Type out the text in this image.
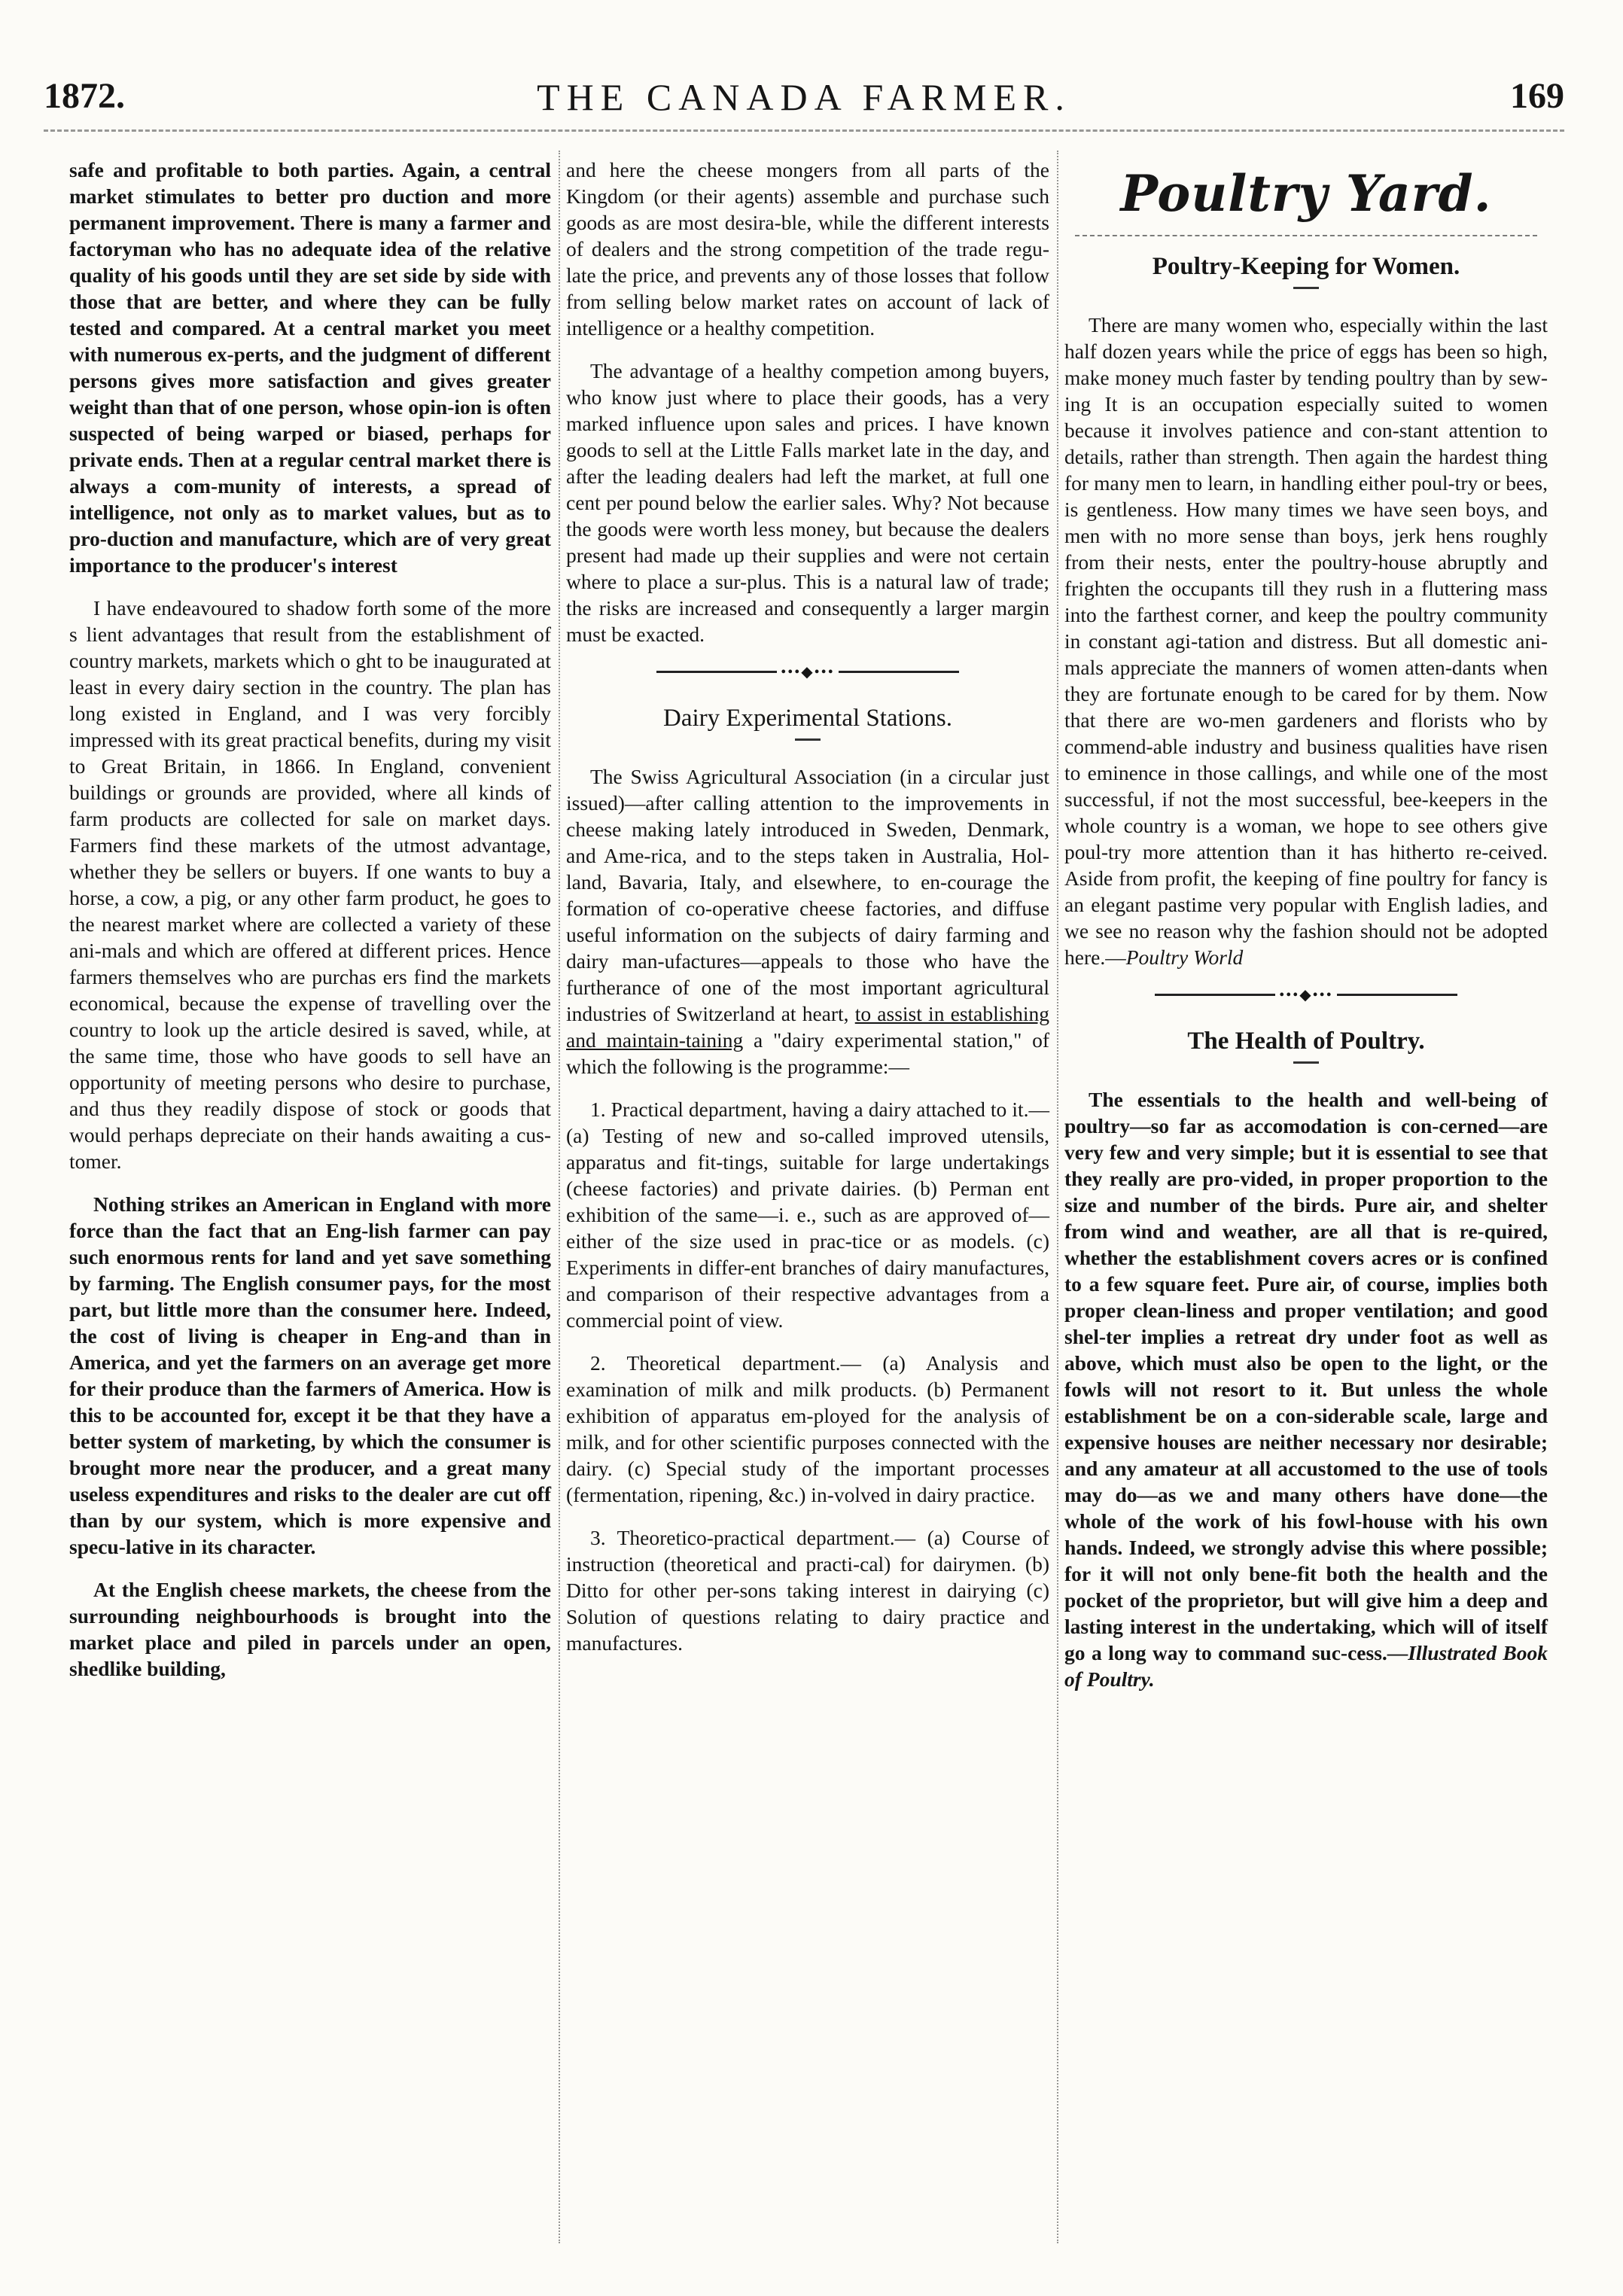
1872.	THE CANADA FARMER.	169

safe and profitable to both parties. Again, a central market stimulates to better pro duction and more permanent improvement. There is many a farmer and factoryman who has no adequate idea of the relative quality of his goods until they are set side by side with those that are better, and where they can be fully tested and compared. At a central market you meet with numerous ex-perts, and the judgment of different persons gives more satisfaction and gives greater weight than that of one person, whose opin-ion is often suspected of being warped or biased, perhaps for private ends. Then at a regular central market there is always a com-munity of interests, a spread of intelligence, not only as to market values, but as to pro-duction and manufacture, which are of very great importance to the producer's interest

I have endeavoured to shadow forth some of the more s lient advantages that result from the establishment of country markets, markets which o ght to be inaugurated at least in every dairy section in the country. The plan has long existed in England, and I was very forcibly impressed with its great practical benefits, during my visit to Great Britain, in 1866. In England, convenient buildings or grounds are provided, where all kinds of farm products are collected for sale on market days. Farmers find these markets of the utmost advantage, whether they be sellers or buyers. If one wants to buy a horse, a cow, a pig, or any other farm product, he goes to the nearest market where are collected a variety of these ani-mals and which are offered at different prices. Hence farmers themselves who are purchas ers find the markets economical, because the expense of travelling over the country to look up the article desired is saved, while, at the same time, those who have goods to sell have an opportunity of meeting persons who desire to purchase, and thus they readily dispose of stock or goods that would perhaps depreciate on their hands awaiting a cus-tomer.

Nothing strikes an American in England with more force than the fact that an Eng-lish farmer can pay such enormous rents for land and yet save something by farming. The English consumer pays, for the most part, but little more than the consumer here. Indeed, the cost of living is cheaper in Eng-and than in America, and yet the farmers on an average get more for their produce than the farmers of America. How is this to be accounted for, except it be that they have a better system of marketing, by which the consumer is brought more near the producer, and a great many useless expenditures and risks to the dealer are cut off than by our system, which is more expensive and specu-lative in its character.

At the English cheese markets, the cheese from the surrounding neighbourhoods is brought into the market place and piled in parcels under an open, shedlike building,

and here the cheese mongers from all parts of the Kingdom (or their agents) assemble and purchase such goods as are most desira-ble, while the different interests of dealers and the strong competition of the trade regu-late the price, and prevents any of those losses that follow from selling below market rates on account of lack of intelligence or a healthy competition.

The advantage of a healthy competion among buyers, who know just where to place their goods, has a very marked influence upon sales and prices. I have known goods to sell at the Little Falls market late in the day, and after the leading dealers had left the market, at full one cent per pound below the earlier sales. Why? Not because the goods were worth less money, but because the dealers present had made up their supplies and were not certain where to place a sur-plus. This is a natural law of trade; the risks are increased and consequently a larger margin must be exacted.

•••◆•••
Dairy Experimental Stations.

The Swiss Agricultural Association (in a circular just issued)—after calling attention to the improvements in cheese making lately introduced in Sweden, Denmark, and Ame-rica, and to the steps taken in Australia, Hol-land, Bavaria, Italy, and elsewhere, to en-courage the formation of co-operative cheese factories, and diffuse useful information on the subjects of dairy farming and dairy man-ufactures—appeals to those who have the furtherance of one of the most important agricultural industries of Switzerland at heart, to assist in establishing and maintain-taining a "dairy experimental station," of which the following is the programme:—

1. Practical department, having a dairy attached to it.— (a) Testing of new and so-called improved utensils, apparatus and fit-tings, suitable for large undertakings (cheese factories) and private dairies. (b) Perman ent exhibition of the same—i. e., such as are approved of—either of the size used in prac-tice or as models. (c) Experiments in differ-ent branches of dairy manufactures, and comparison of their respective advantages from a commercial point of view.

2. Theoretical department.— (a) Analysis and examination of milk and milk products. (b) Permanent exhibition of apparatus em-ployed for the analysis of milk, and for other scientific purposes connected with the dairy. (c) Special study of the important processes (fermentation, ripening, &c.) in-volved in dairy practice.

3. Theoretico-practical department.— (a) Course of instruction (theoretical and practi-cal) for dairymen. (b) Ditto for other per-sons taking interest in dairying (c) Solution of questions relating to dairy practice and manufactures.

Poultry Yard.
Poultry-Keeping for Women.

There are many women who, especially within the last half dozen years while the price of eggs has been so high, make money much faster by tending poultry than by sew-ing It is an occupation especially suited to women because it involves patience and con-stant attention to details, rather than strength. Then again the hardest thing for many men to learn, in handling either poul-try or bees, is gentleness. How many times we have seen boys, and men with no more sense than boys, jerk hens roughly from their nests, enter the poultry-house abruptly and frighten the occupants till they rush in a fluttering mass into the farthest corner, and keep the poultry community in constant agi-tation and distress. But all domestic ani-mals appreciate the manners of women atten-dants when they are fortunate enough to be cared for by them. Now that there are wo-men gardeners and florists who by commend-able industry and business qualities have risen to eminence in those callings, and while one of the most successful, if not the most successful, bee-keepers in the whole country is a woman, we hope to see others give poul-try more attention than it has hitherto re-ceived. Aside from profit, the keeping of fine poultry for fancy is an elegant pastime very popular with English ladies, and we see no reason why the fashion should not be adopted here.—Poultry World

•••◆•••
The Health of Poultry.

The essentials to the health and well-being of poultry—so far as accomodation is con-cerned—are very few and very simple; but it is essential to see that they really are pro-vided, in proper proportion to the size and number of the birds. Pure air, and shelter from wind and weather, are all that is re-quired, whether the establishment covers acres or is confined to a few square feet. Pure air, of course, implies both proper clean-liness and proper ventilation; and good shel-ter implies a retreat dry under foot as well as above, which must also be open to the light, or the fowls will not resort to it. But unless the whole establishment be on a con-siderable scale, large and expensive houses are neither necessary nor desirable; and any amateur at all accustomed to the use of tools may do—as we and many others have done—the whole of the work of his fowl-house with his own hands. Indeed, we strongly advise this where possible; for it will not only bene-fit both the health and the pocket of the proprietor, but will give him a deep and lasting interest in the undertaking, which will of itself go a long way to command suc-cess.—Illustrated Book of Poultry.
